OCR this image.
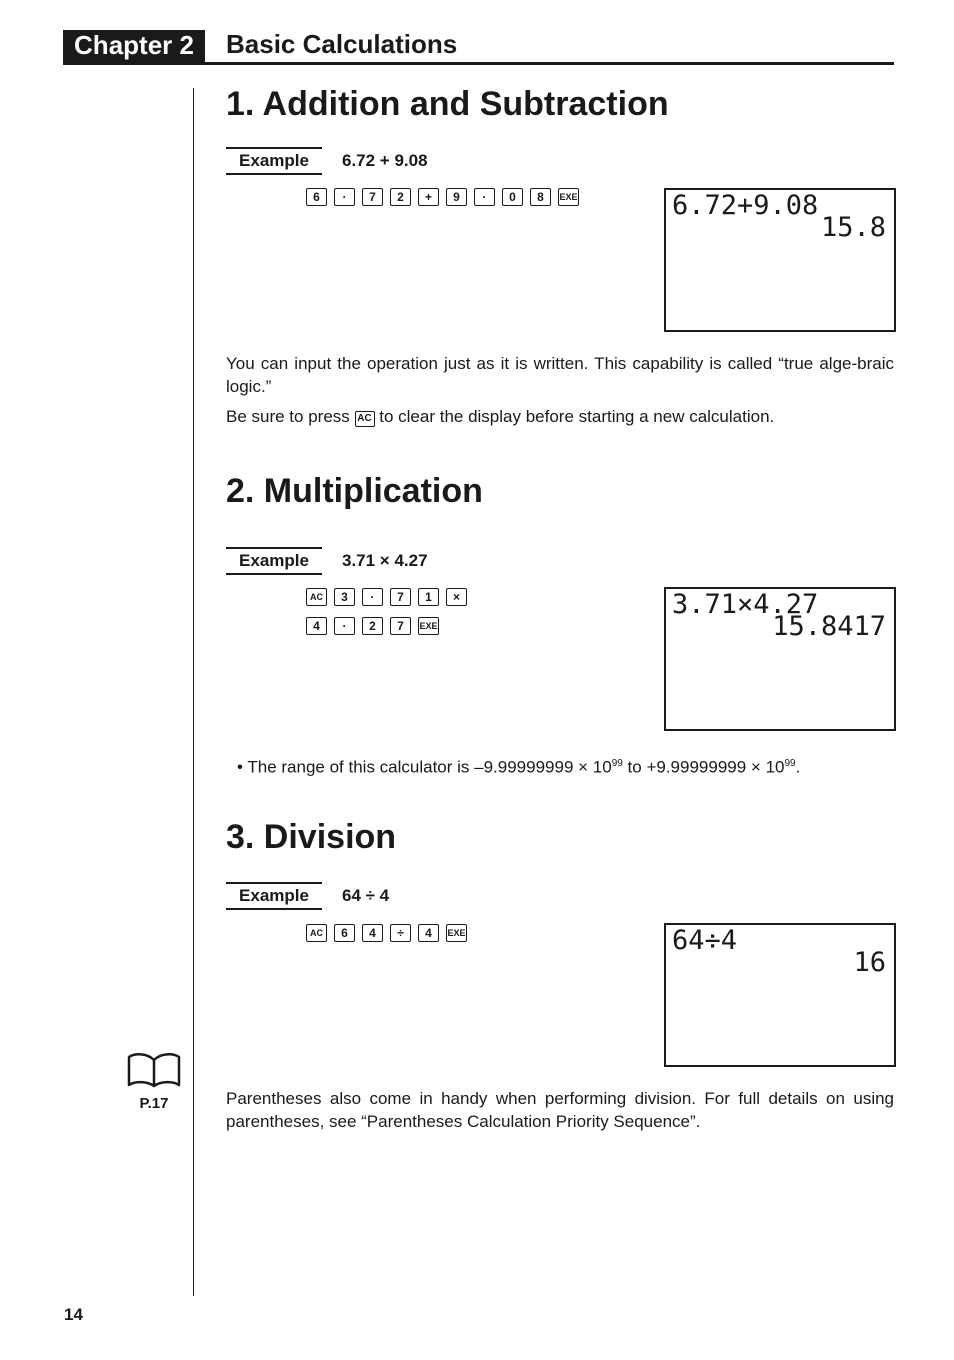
Chapter 2	Basic Calculations
1. Addition and Subtraction
Example	6.72 + 9.08
6	·	7	2	+	9	·	0	8	EXE	6.72+9.08
15.8

You can input the operation just as it is written. This capability is called “true alge-braic logic.”

Be sure to press AC to clear the display before starting a new calculation.

2. Multiplication
Example	3.71 × 4.27
AC	3	·	7	1	×
4	·	2	7	EXE
3.71×4.27
15.8417
• The range of this calculator is $-9.99999999 \times 10^{99}$ to $+9.99999999 \times 10^{99}$.
3. Division
Example	64 ÷ 4
AC	6	4	÷	4	EXE	64÷4
16

Parentheses also come in handy when performing division. For full details on using parentheses, see “Parentheses Calculation Priority Sequence”.

P.17
14
